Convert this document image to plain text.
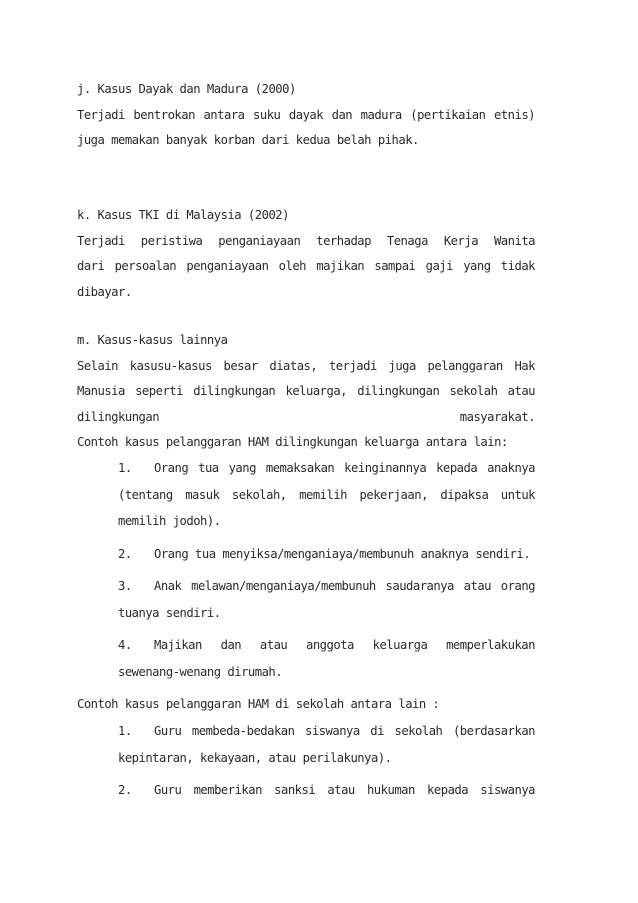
j. Kasus Dayak dan Madura (2000)
Terjadi bentrokan antara suku dayak dan madura (pertikaian etnis)
juga memakan banyak korban dari kedua belah pihak.
k. Kasus TKI di Malaysia (2002)
Terjadi peristiwa penganiayaan terhadap Tenaga Kerja Wanita
dari persoalan penganiayaan oleh majikan sampai gaji yang tidak
dibayar.
m. Kasus-kasus lainnya
Selain kasusu-kasus besar diatas, terjadi juga pelanggaran Hak
Manusia seperti dilingkungan keluarga, dilingkungan sekolah atau
dilingkungan	masyarakat.
Contoh kasus pelanggaran HAM dilingkungan keluarga antara lain:
1.	Orang tua yang memaksakan keinginannya kepada anaknya
(tentang masuk sekolah, memilih pekerjaan, dipaksa untuk
memilih jodoh).
2.	Orang tua menyiksa/menganiaya/membunuh anaknya sendiri.
3.	Anak melawan/menganiaya/membunuh saudaranya atau orang
tuanya sendiri.
4.	Majikan dan atau anggota keluarga memperlakukan
sewenang-wenang dirumah.
Contoh kasus pelanggaran HAM di sekolah antara lain :
1.	Guru membeda-bedakan siswanya di sekolah (berdasarkan
kepintaran, kekayaan, atau perilakunya).
2.	Guru memberikan sanksi atau hukuman kepada siswanya
